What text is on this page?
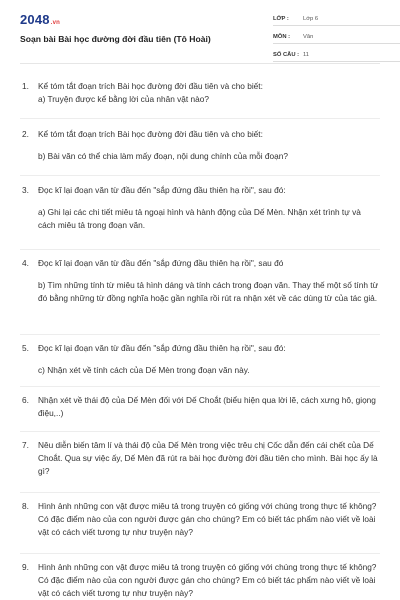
2048.vn
Soạn bài Bài học đường đời đầu tiên (Tô Hoài)
LỚP :	Lớp 6
MÔN :	Văn
SỐ CÂU : 11
1. Kể tóm tắt đoạn trích Bài học đường đời đầu tiên và cho biết:
a) Truyện được kể bằng lời của nhân vật nào?
2. Kể tóm tắt đoạn trích Bài học đường đời đầu tiên và cho biết:
b) Bài văn có thể chia làm mấy đoạn, nội dung chính của mỗi đoạn?
3. Đọc kĩ lại đoạn văn từ đầu đến "sắp đứng đầu thiên hạ rồi", sau đó:
a) Ghi lại các chi tiết miêu tả ngoại hình và hành động của Dế Mèn. Nhận xét trình tự và cách miêu tả trong đoạn văn.
4. Đọc kĩ lại đoạn văn từ đầu đến "sắp đứng đầu thiên hạ rồi", sau đó
b) Tìm những tính từ miêu tả hình dáng và tính cách trong đoạn văn. Thay thế một số tính từ đó bằng những từ đồng nghĩa hoặc gần nghĩa rồi rút ra nhận xét về các dùng từ của tác giả.
5. Đọc kĩ lại đoạn văn từ đầu đến "sắp đứng đầu thiên hạ rồi", sau đó:
c) Nhận xét về tính cách của Dế Mèn trong đoạn văn này.
6. Nhận xét về thái độ của Dế Mèn đối với Dế Choắt (biểu hiện qua lời lẽ, cách xưng hô, giọng điệu,..)
7. Nêu diễn biến tâm lí và thái độ của Dế Mèn trong việc trêu chị Cốc dẫn đến cái chết của Dế Choắt. Qua sự việc ấy, Dế Mèn đã rút ra bài học đường đời đầu tiên cho mình. Bài học ấy là gì?
8. Hình ảnh những con vật được miêu tả trong truyện có giống với chúng trong thực tế không? Có đặc điểm nào của con người được gán cho chúng? Em có biết tác phẩm nào viết về loài vật có cách viết tương tự như truyện này?
9. Hình ảnh những con vật được miêu tả trong truyện có giống với chúng trong thực tế không? Có đặc điểm nào của con người được gán cho chúng? Em có biết tác phẩm nào viết về loài vật có cách viết tương tự như truyện này?
